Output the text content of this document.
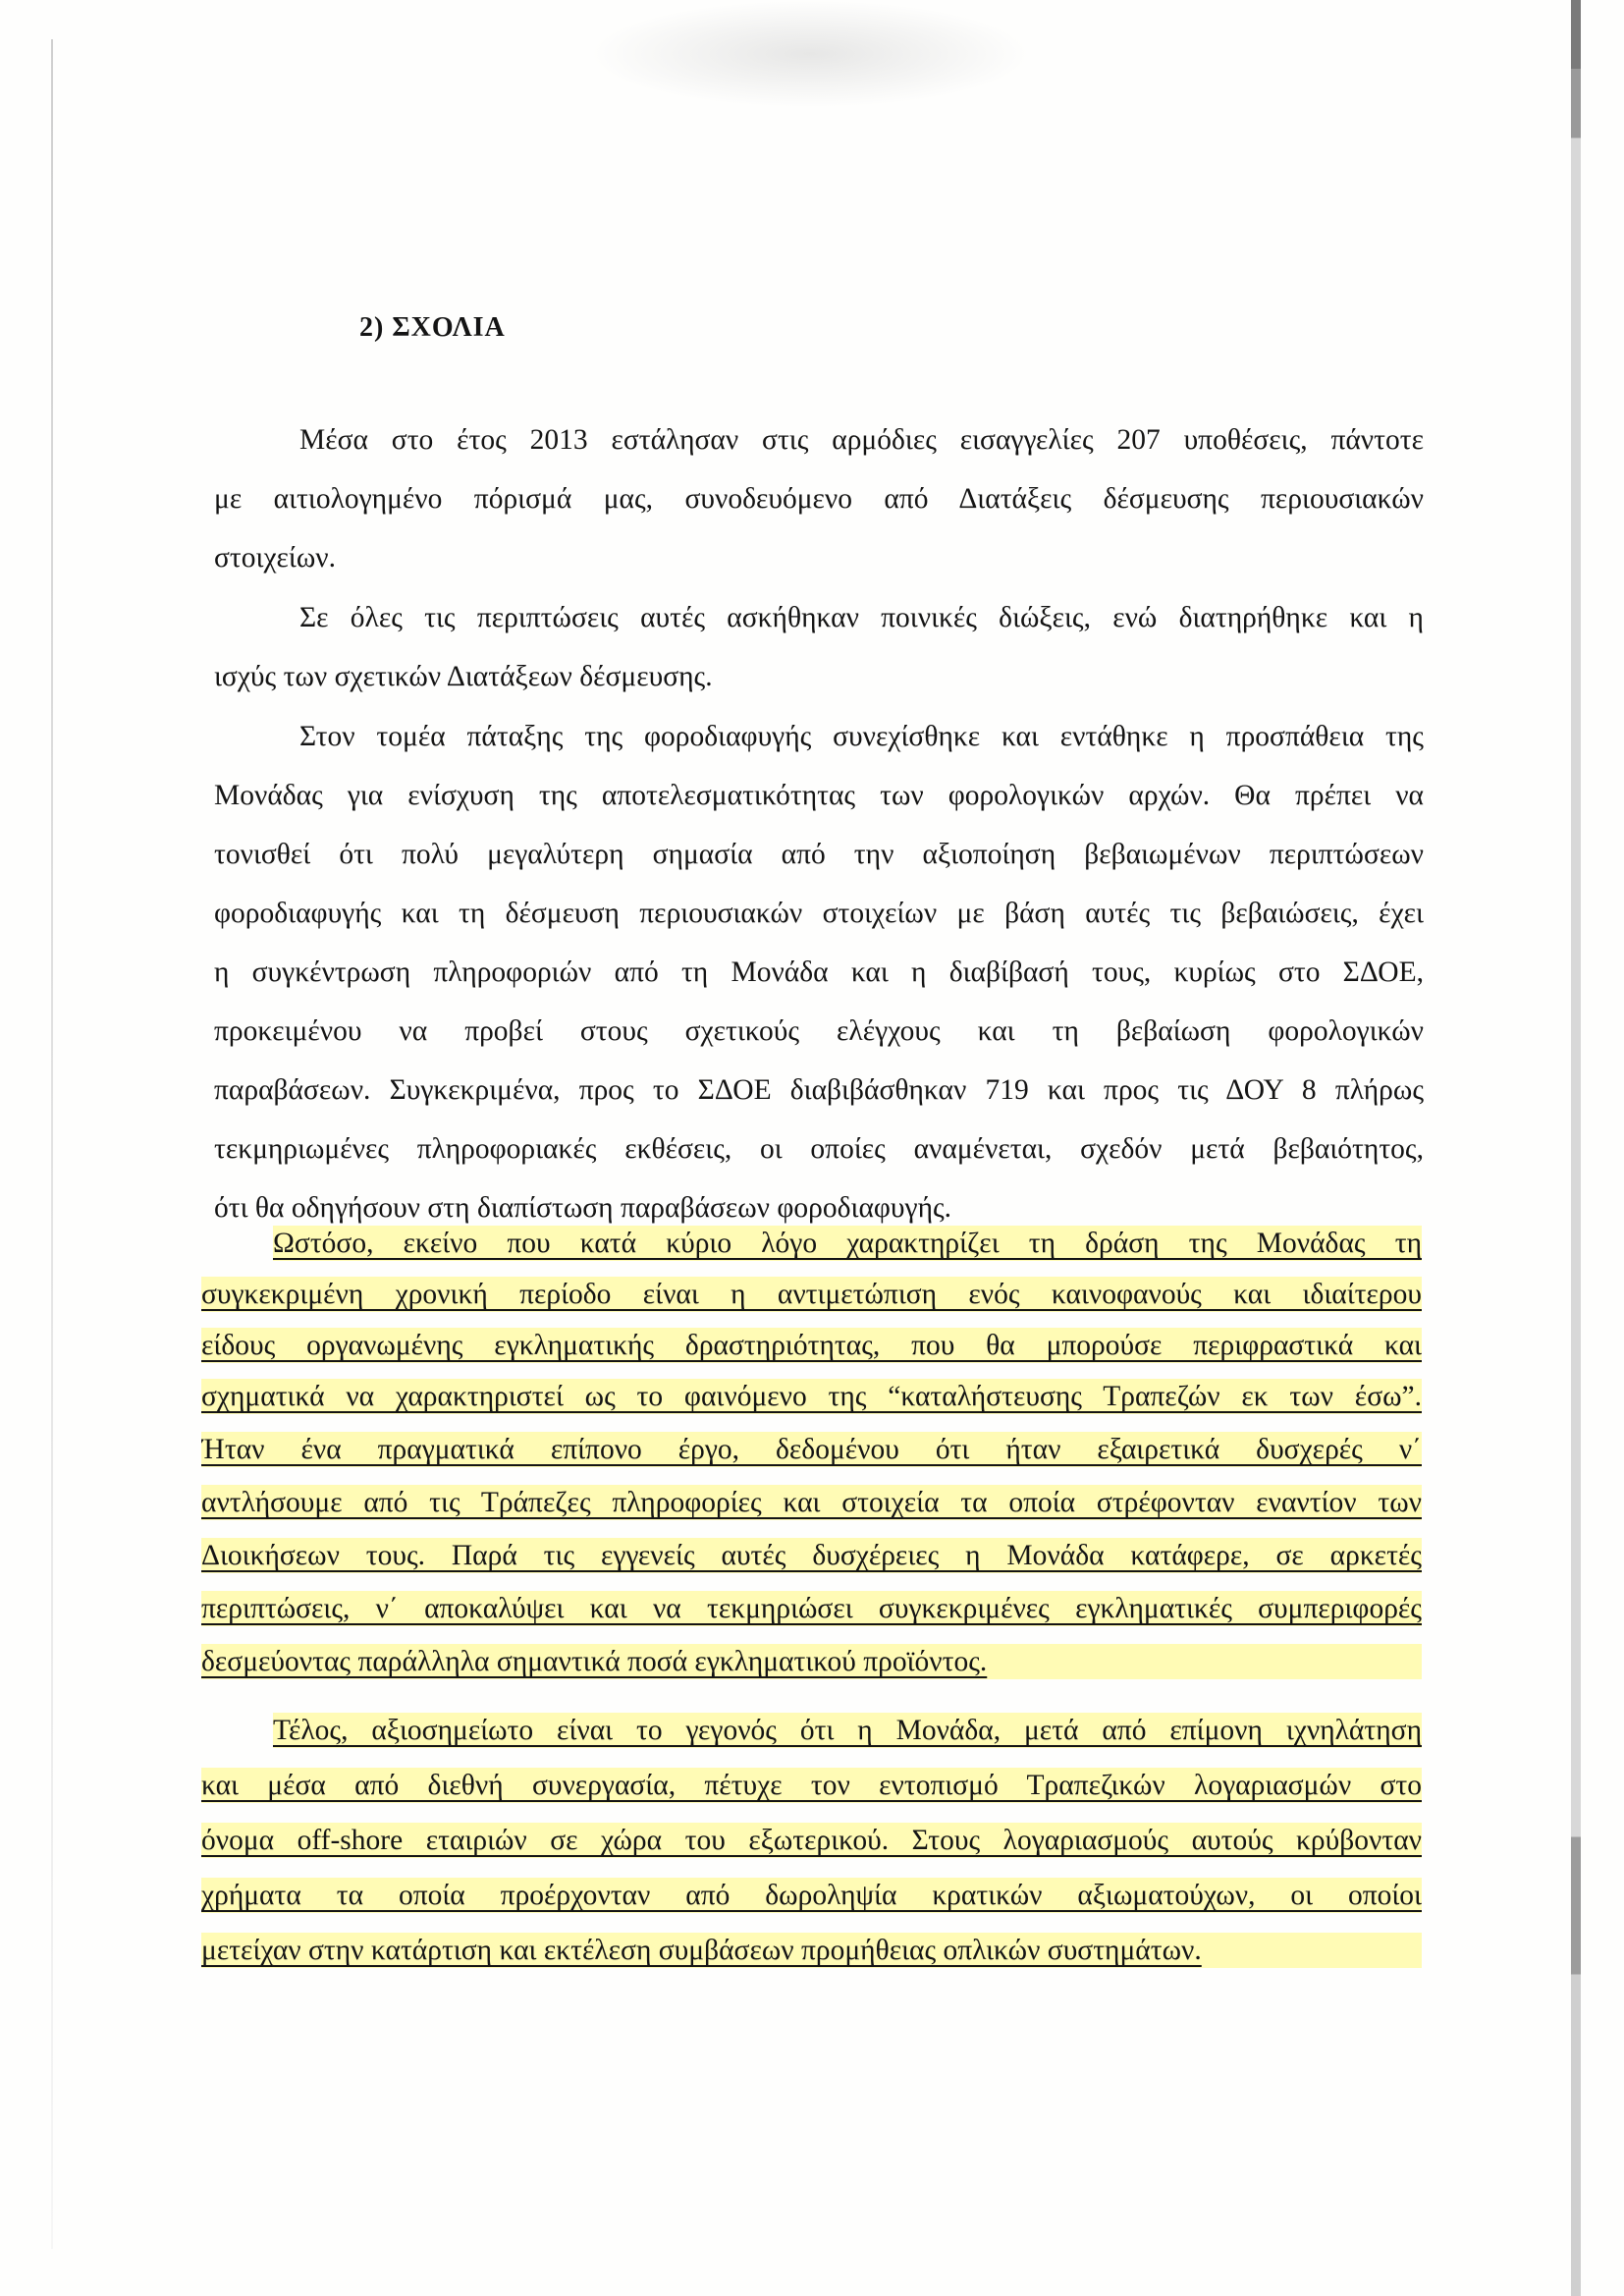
2) ΣΧΟΛΙΑ
Μέσα στο έτος 2013 εστάλησαν στις αρμόδιες εισαγγελίες 207 υποθέσεις, πάντοτε
με αιτιολογημένο πόρισμά μας, συνοδευόμενο από Διατάξεις δέσμευσης περιουσιακών
στοιχείων.
Σε όλες τις περιπτώσεις αυτές ασκήθηκαν ποινικές διώξεις, ενώ διατηρήθηκε και η
ισχύς των σχετικών Διατάξεων δέσμευσης.
Στον τομέα πάταξης της φοροδιαφυγής συνεχίσθηκε και εντάθηκε η προσπάθεια της
Μονάδας για ενίσχυση της αποτελεσματικότητας των φορολογικών αρχών. Θα πρέπει να
τονισθεί ότι πολύ μεγαλύτερη σημασία από την αξιοποίηση βεβαιωμένων περιπτώσεων
φοροδιαφυγής και τη δέσμευση περιουσιακών στοιχείων με βάση αυτές τις βεβαιώσεις, έχει
η συγκέντρωση πληροφοριών από τη Μονάδα και η διαβίβασή τους, κυρίως στο ΣΔΟΕ,
προκειμένου να προβεί στους σχετικούς ελέγχους και τη βεβαίωση φορολογικών
παραβάσεων. Συγκεκριμένα, προς το ΣΔΟΕ διαβιβάσθηκαν 719 και προς τις ΔΟΥ 8 πλήρως
τεκμηριωμένες πληροφοριακές εκθέσεις, οι οποίες αναμένεται, σχεδόν μετά βεβαιότητος,
ότι θα οδηγήσουν στη διαπίστωση παραβάσεων φοροδιαφυγής.
Ωστόσο, εκείνο που κατά κύριο λόγο χαρακτηρίζει τη δράση της Μονάδας τη
συγκεκριμένη χρονική περίοδο είναι η αντιμετώπιση ενός καινοφανούς και ιδιαίτερου
είδους οργανωμένης εγκληματικής δραστηριότητας, που θα μπορούσε περιφραστικά και
σχηματικά να χαρακτηριστεί ως το φαινόμενο της “καταλήστευσης Τραπεζών εκ των έσω”.
Ήταν ένα πραγματικά επίπονο έργο, δεδομένου ότι ήταν εξαιρετικά δυσχερές ν΄
αντλήσουμε από τις Τράπεζες πληροφορίες και στοιχεία τα οποία στρέφονταν εναντίον των
Διοικήσεων τους. Παρά τις εγγενείς αυτές δυσχέρειες η Μονάδα κατάφερε, σε αρκετές
περιπτώσεις, ν΄ αποκαλύψει και να τεκμηριώσει συγκεκριμένες εγκληματικές συμπεριφορές
δεσμεύοντας παράλληλα σημαντικά ποσά εγκληματικού προϊόντος.
Τέλος, αξιοσημείωτο είναι το γεγονός ότι η Μονάδα, μετά από επίμονη ιχνηλάτηση
και μέσα από διεθνή συνεργασία, πέτυχε τον εντοπισμό Τραπεζικών λογαριασμών στο
όνομα off-shore εταιριών σε χώρα του εξωτερικού. Στους λογαριασμούς αυτούς κρύβονταν
χρήματα τα οποία προέρχονταν από δωροληψία κρατικών αξιωματούχων, οι οποίοι
μετείχαν στην κατάρτιση και εκτέλεση συμβάσεων προμήθειας οπλικών συστημάτων.
